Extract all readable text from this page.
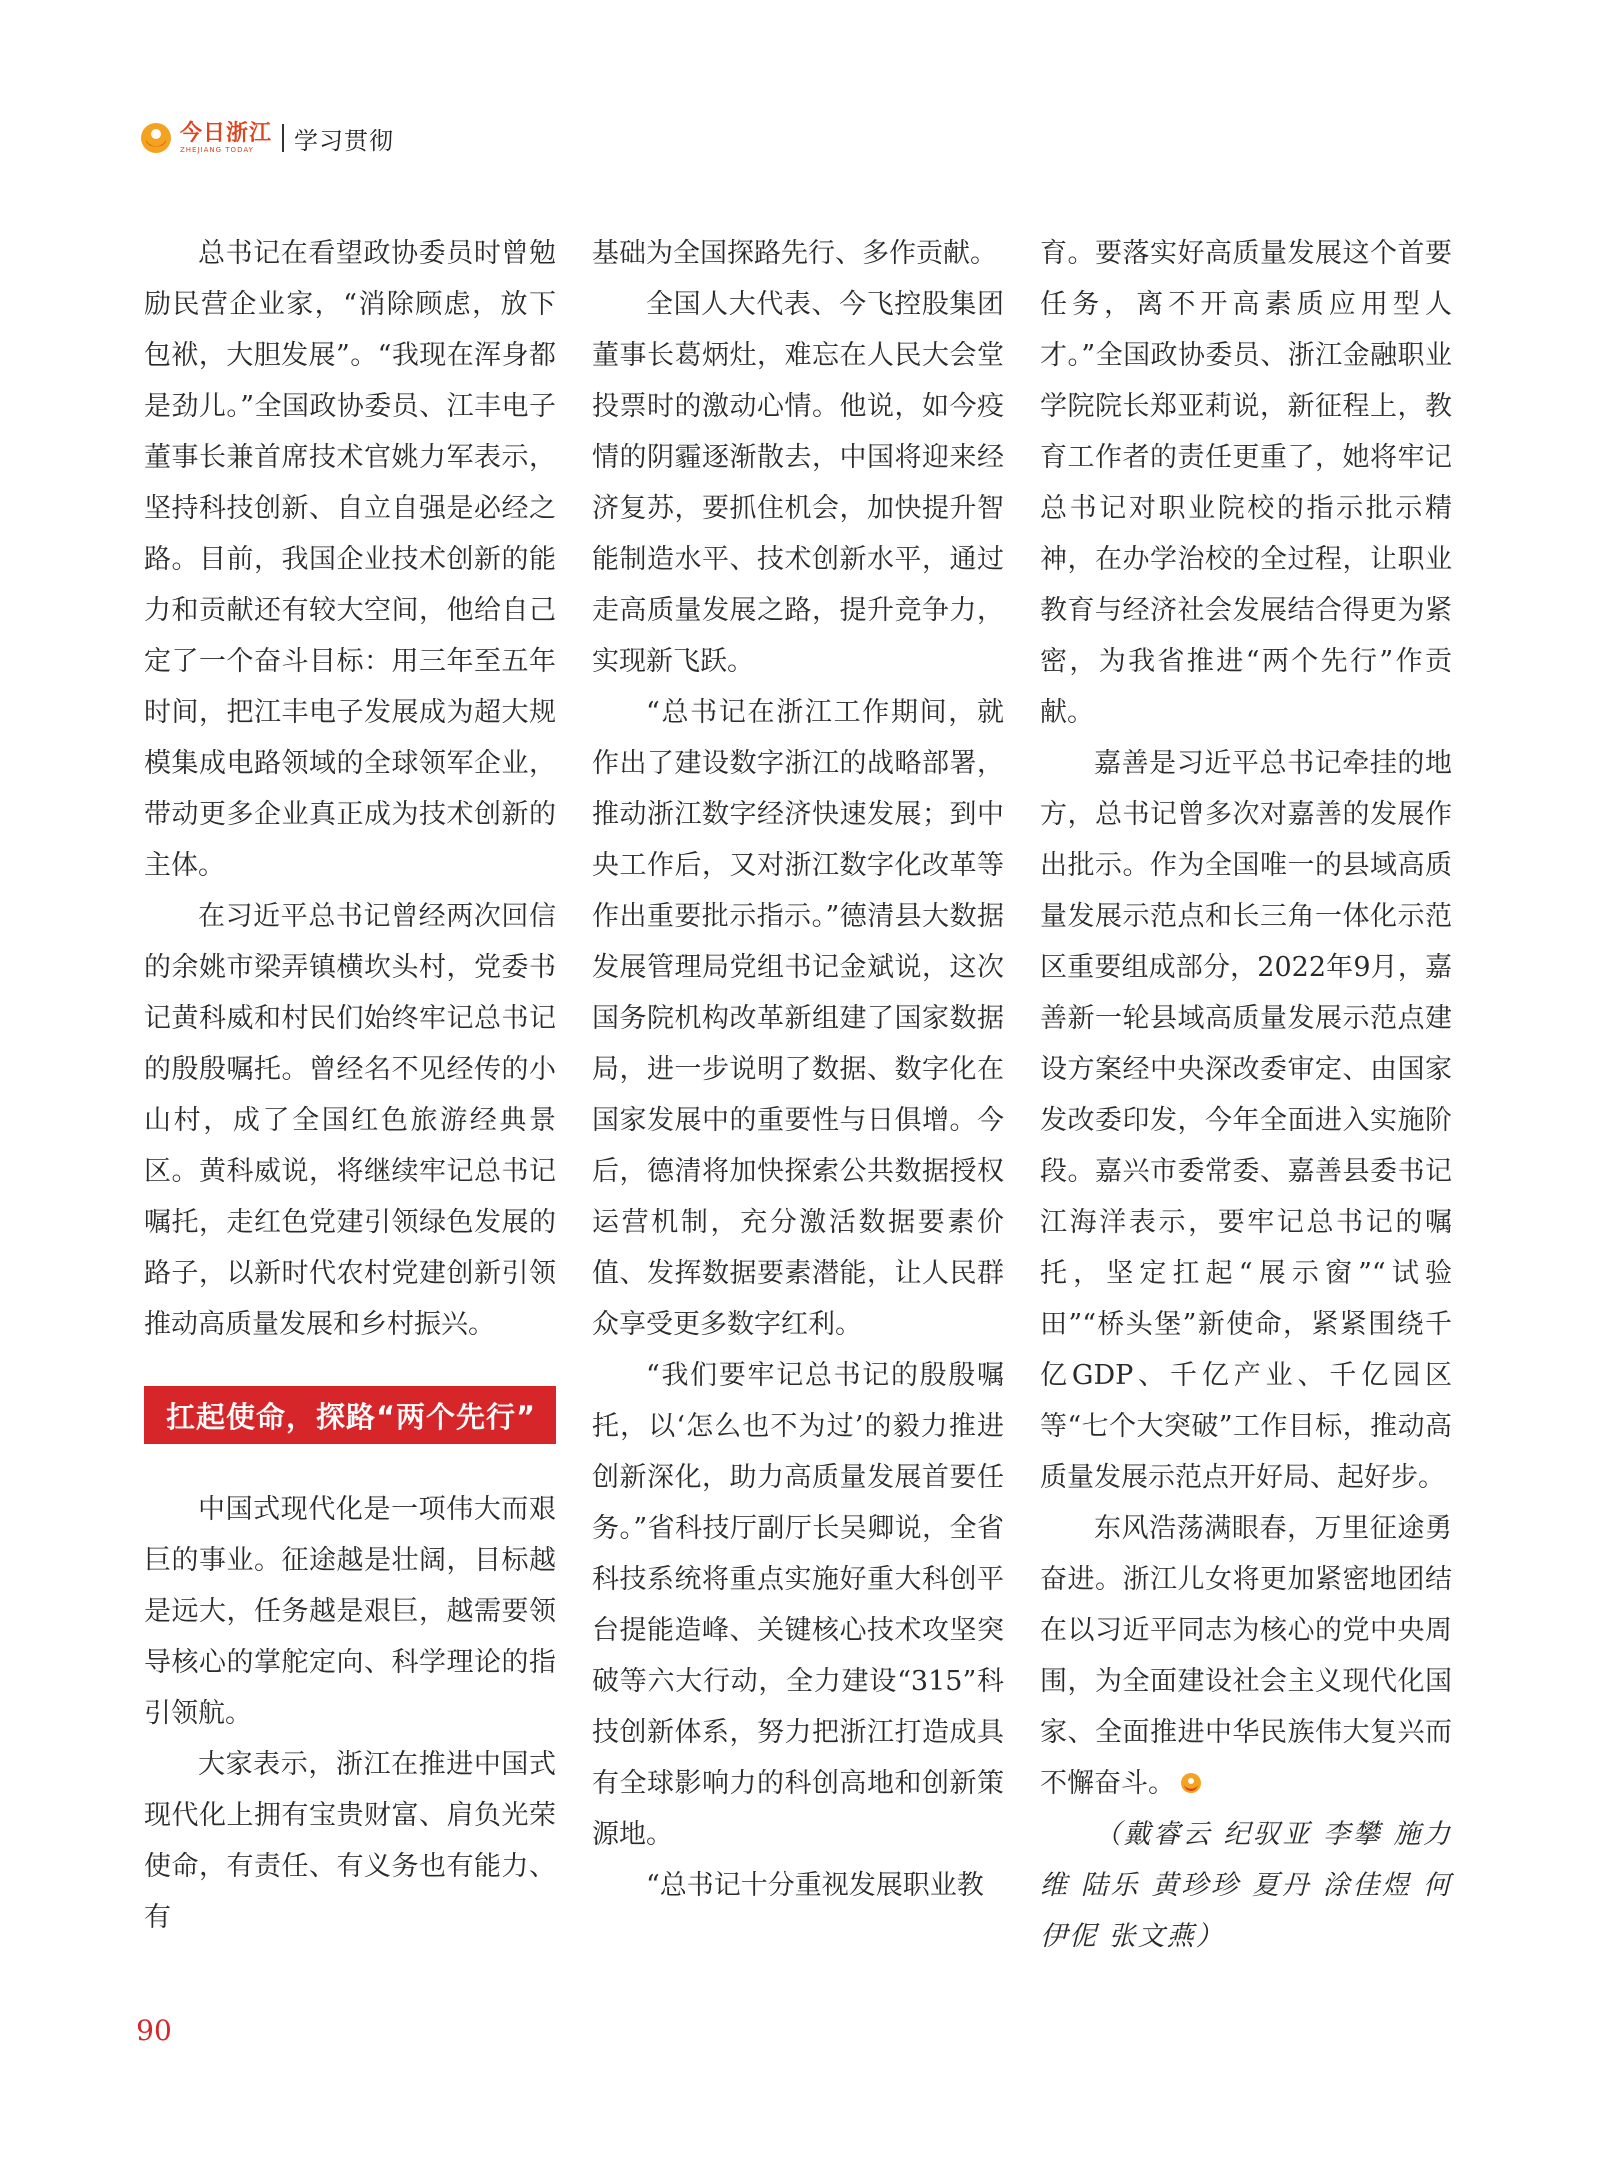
今日浙江
ZHEJIANG TODAY	学习贯彻

总书记在看望政协委员时曾勉励民营企业家，“消除顾虑，放下包袱，大胆发展”。“我现在浑身都是劲儿。”全国政协委员、江丰电子董事长兼首席技术官姚力军表示，坚持科技创新、自立自强是必经之路。目前，我国企业技术创新的能力和贡献还有较大空间，他给自己定了一个奋斗目标：用三年至五年时间，把江丰电子发展成为超大规模集成电路领域的全球领军企业，带动更多企业真正成为技术创新的主体。

在习近平总书记曾经两次回信的余姚市梁弄镇横坎头村，党委书记黄科威和村民们始终牢记总书记的殷殷嘱托。曾经名不见经传的小山村，成了全国红色旅游经典景区。黄科威说，将继续牢记总书记嘱托，走红色党建引领绿色发展的路子，以新时代农村党建创新引领推动高质量发展和乡村振兴。

扛起使命，探路“两个先行”

中国式现代化是一项伟大而艰巨的事业。征途越是壮阔，目标越是远大，任务越是艰巨，越需要领导核心的掌舵定向、科学理论的指引领航。

大家表示，浙江在推进中国式现代化上拥有宝贵财富、肩负光荣使命，有责任、有义务也有能力、有

基础为全国探路先行、多作贡献。

全国人大代表、今飞控股集团董事长葛炳灶，难忘在人民大会堂投票时的激动心情。他说，如今疫情的阴霾逐渐散去，中国将迎来经济复苏，要抓住机会，加快提升智能制造水平、技术创新水平，通过走高质量发展之路，提升竞争力，实现新飞跃。

“总书记在浙江工作期间，就作出了建设数字浙江的战略部署，推动浙江数字经济快速发展；到中央工作后，又对浙江数字化改革等作出重要批示指示。”德清县大数据发展管理局党组书记金斌说，这次国务院机构改革新组建了国家数据局，进一步说明了数据、数字化在国家发展中的重要性与日俱增。今后，德清将加快探索公共数据授权运营机制，充分激活数据要素价值、发挥数据要素潜能，让人民群众享受更多数字红利。

“我们要牢记总书记的殷殷嘱托，以‘怎么也不为过’的毅力推进创新深化，助力高质量发展首要任务。”省科技厅副厅长吴卿说，全省科技系统将重点实施好重大科创平台提能造峰、关键核心技术攻坚突破等六大行动，全力建设“315”科技创新体系，努力把浙江打造成具有全球影响力的科创高地和创新策源地。

“总书记十分重视发展职业教

育。要落实好高质量发展这个首要任务，离不开高素质应用型人才。”全国政协委员、浙江金融职业学院院长郑亚莉说，新征程上，教育工作者的责任更重了，她将牢记总书记对职业院校的指示批示精神，在办学治校的全过程，让职业教育与经济社会发展结合得更为紧密，为我省推进“两个先行”作贡献。

嘉善是习近平总书记牵挂的地方，总书记曾多次对嘉善的发展作出批示。作为全国唯一的县域高质量发展示范点和长三角一体化示范区重要组成部分，2022年9月，嘉善新一轮县域高质量发展示范点建设方案经中央深改委审定、由国家发改委印发，今年全面进入实施阶段。嘉兴市委常委、嘉善县委书记江海洋表示，要牢记总书记的嘱托，坚定扛起“展示窗”“试验田”“桥头堡”新使命，紧紧围绕千亿GDP、千亿产业、千亿园区等“七个大突破”工作目标，推动高质量发展示范点开好局、起好步。

东风浩荡满眼春，万里征途勇奋进。浙江儿女将更加紧密地团结在以习近平同志为核心的党中央周围，为全面建设社会主义现代化国家、全面推进中华民族伟大复兴而不懈奋斗。

（戴睿云 纪驭亚 李攀 施力维 陆乐 黄珍珍 夏丹 涂佳煜 何伊伲 张文燕）

90
